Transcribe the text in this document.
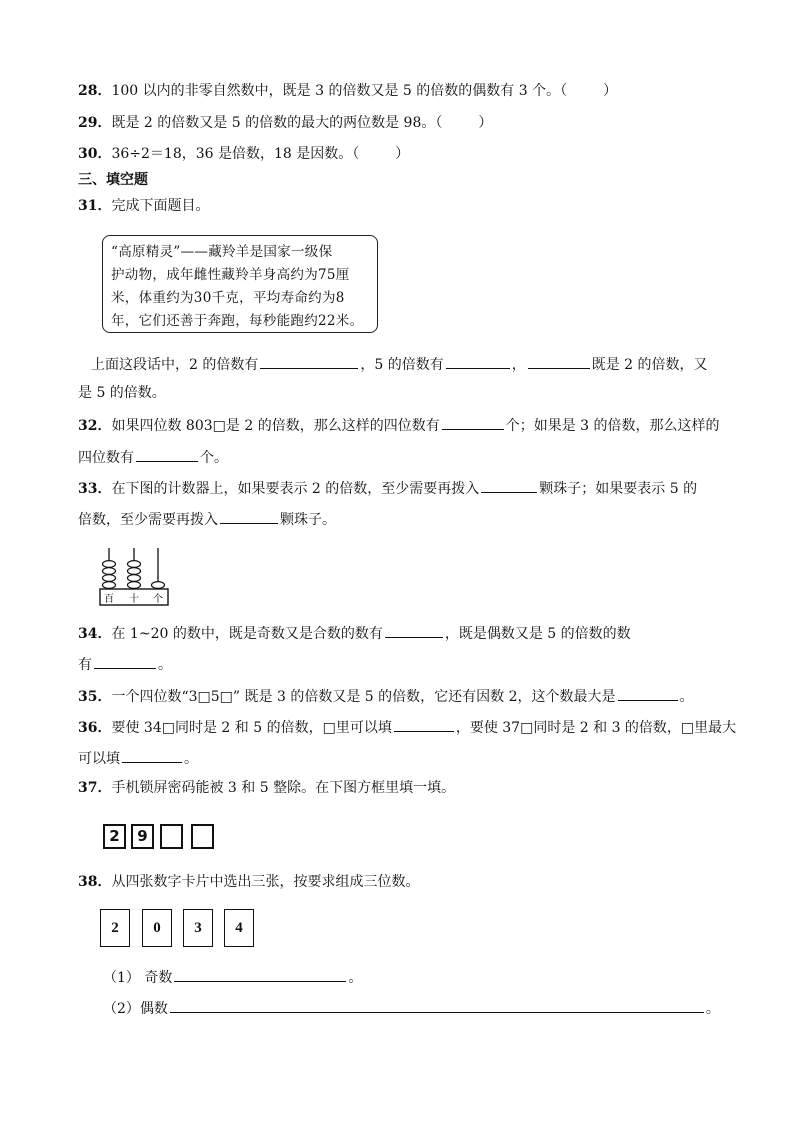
28．100 以内的非零自然数中，既是 3 的倍数又是 5 的倍数的偶数有 3 个。（	）
29．既是 2 的倍数又是 5 的倍数的最大的两位数是 98。（	）
30．36÷2＝18，36 是倍数，18 是因数。（	）
三、填空题
31．完成下面题目。
“高原精灵”——藏羚羊是国家一级保
护动物，成年雌性藏羚羊身高约为75厘
米，体重约为30千克，平均寿命约为8
年，它们还善于奔跑，每秒能跑约22米。
上面这段话中，2 的倍数有	，5 的倍数有	，	既是 2 的倍数，又
是 5 的倍数。
32．如果四位数 803□是 2 的倍数，那么这样的四位数有	个；如果是 3 的倍数，那么这样的
四位数有	个。
33．在下图的计数器上，如果要表示 2 的倍数，至少需要再拨入	颗珠子；如果要表示 5 的
倍数，至少需要再拨入	颗珠子。
百 十 个
34．在 1~20 的数中，既是奇数又是合数的数有	，既是偶数又是 5 的倍数的数
有	。
35．一个四位数“3□5□” 既是 3 的倍数又是 5 的倍数，它还有因数 2，这个数最大是	。
36．要使 34□同时是 2 和 5 的倍数，□里可以填	，要使 37□同时是 2 和 3 的倍数，□里最大
可以填	。
37．手机锁屏密码能被 3 和 5 整除。在下图方框里填一填。
2	9
38．从四张数字卡片中选出三张，按要求组成三位数。
2	0	3	4
（1） 奇数	。
（2）偶数	。
